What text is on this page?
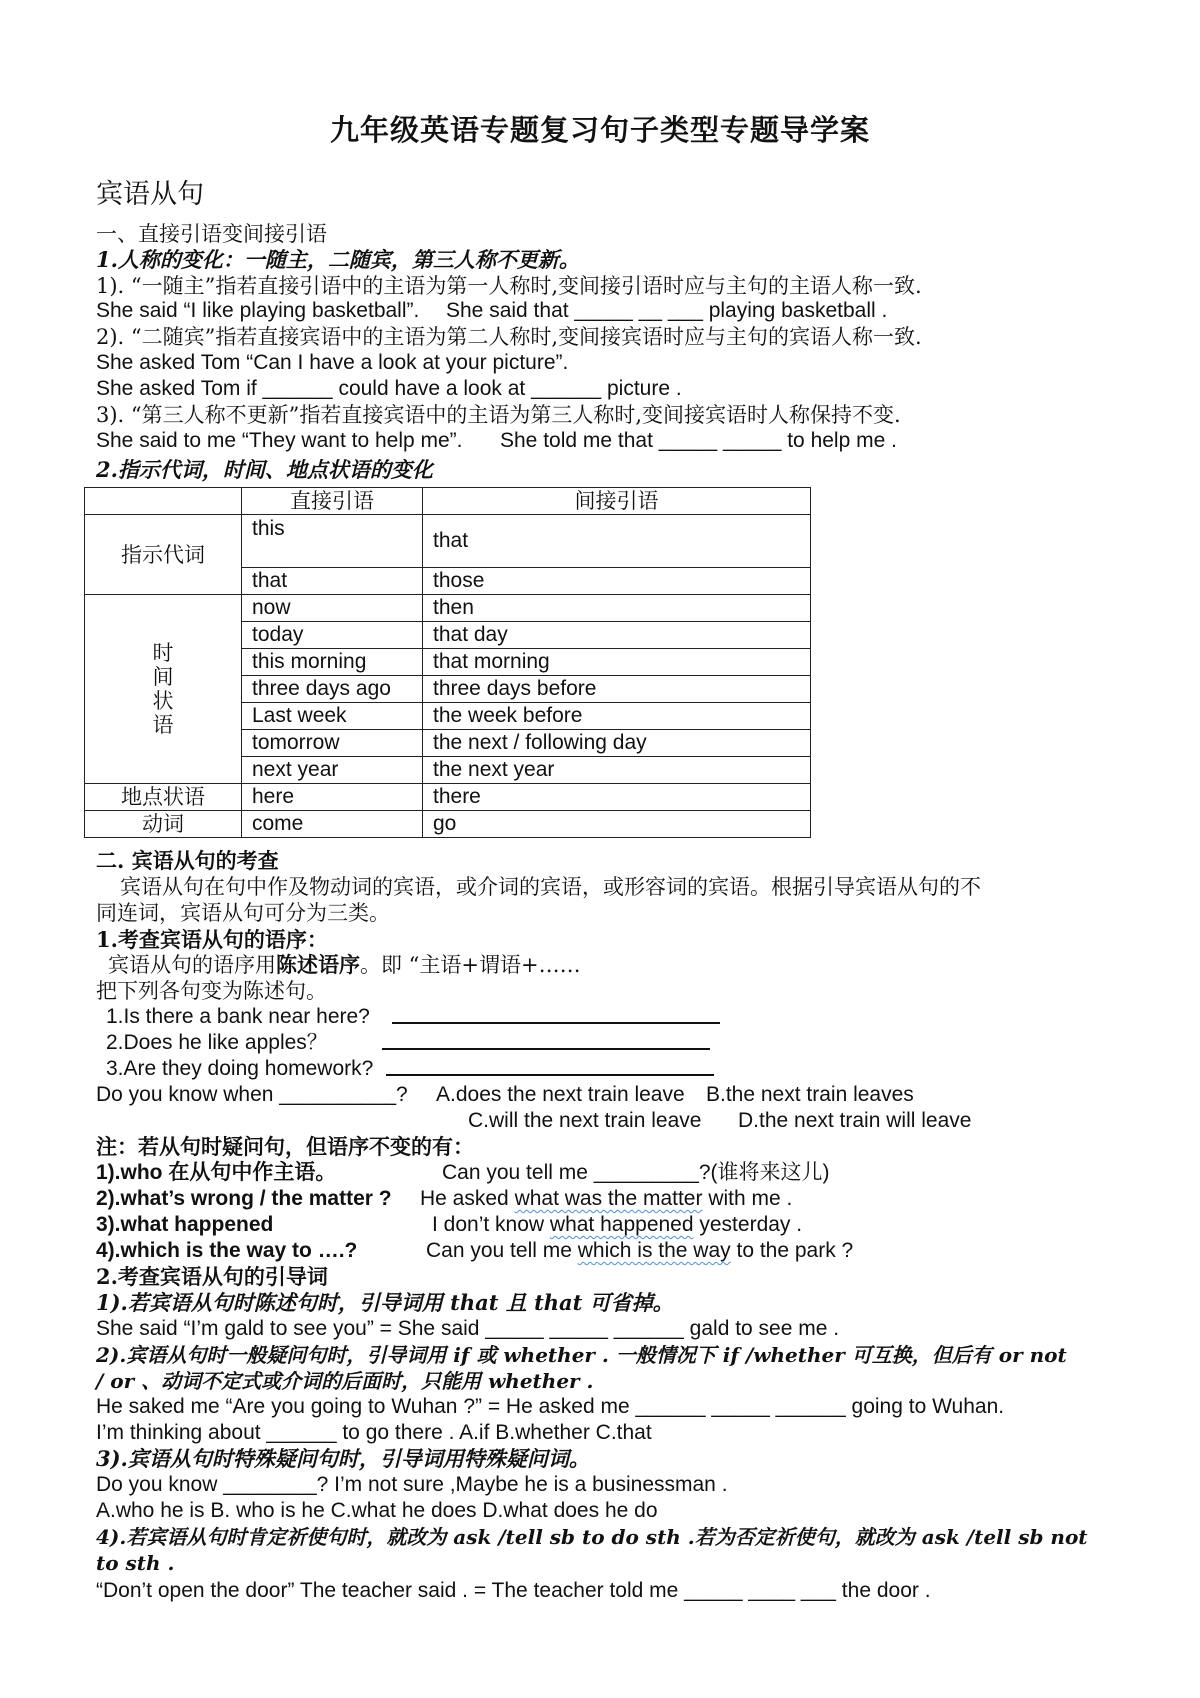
九年级英语专题复习句子类型专题导学案
宾语从句
一、直接引语变间接引语
1.人称的变化：一随主，二随宾，第三人称不更新。
1). “一随主”指若直接引语中的主语为第一人称时,变间接引语时应与主句的主语人称一致.
She said “I like playing basketball”. She said that _____ __ ___ playing basketball .
2). “二随宾”指若直接宾语中的主语为第二人称时,变间接宾语时应与主句的宾语人称一致.
She asked Tom “Can I have a look at your picture”.
She asked Tom if ______ could have a look at ______ picture .
3). “第三人称不更新”指若直接宾语中的主语为第三人称时,变间接宾语时人称保持不变.
She said to me “They want to help me”. She told me that _____ _____ to help me .
2.指示代词，时间、地点状语的变化
	直接引语	间接引语
指示代词	this	that
	that	those
时间状语	now	then
	today	that day
	this morning	that morning
	three days ago	three days before
	Last week	the week before
	tomorrow	the next / following day
	next year	the next year
地点状语	here	there
动词	come	go
二. 宾语从句的考查
宾语从句在句中作及物动词的宾语，或介词的宾语，或形容词的宾语。根据引导宾语从句的不
同连词，宾语从句可分为三类。
1.考查宾语从句的语序：
宾语从句的语序用陈述语序。即 “主语+谓语+……
把下列各句变为陈述句。
1.Is there a bank near here?
2.Does he like apples？
3.Are they doing homework?
Do you know when __________? A.does the next train leave B.the next train leaves
C.will the next train leave D.the next train will leave
注：若从句时疑问句，但语序不变的有：
1).who 在从句中作主语。	Can you tell me _________?(谁将来这儿)
2).what’s wrong / the matter ? He asked what was the matter with me .
3).what happened	I don’t know what happened yesterday .
4).which is the way to ….?	Can you tell me which is the way to the park ?
2.考查宾语从句的引导词
1).若宾语从句时陈述句时，引导词用 that 且 that 可省掉。
She said “I’m gald to see you” = She said _____ _____ ______ gald to see me .
2).宾语从句时一般疑问句时，引导词用 if 或 whether . 一般情况下 if /whether 可互换，但后有 or not
/ or 、动词不定式或介词的后面时，只能用 whether .
He saked me “Are you going to Wuhan ?” = He asked me ______ _____ ______ going to Wuhan.
I’m thinking about ______ to go there . A.if B.whether C.that
3).宾语从句时特殊疑问句时，引导词用特殊疑问词。
Do you know ________? I’m not sure ,Maybe he is a businessman .
A.who he is B. who is he C.what he does D.what does he do
4).若宾语从句时肯定祈使句时，就改为 ask /tell sb to do sth .若为否定祈使句，就改为 ask /tell sb not
to sth .
“Don’t open the door” The teacher said . = The teacher told me _____ ____ ___ the door .
